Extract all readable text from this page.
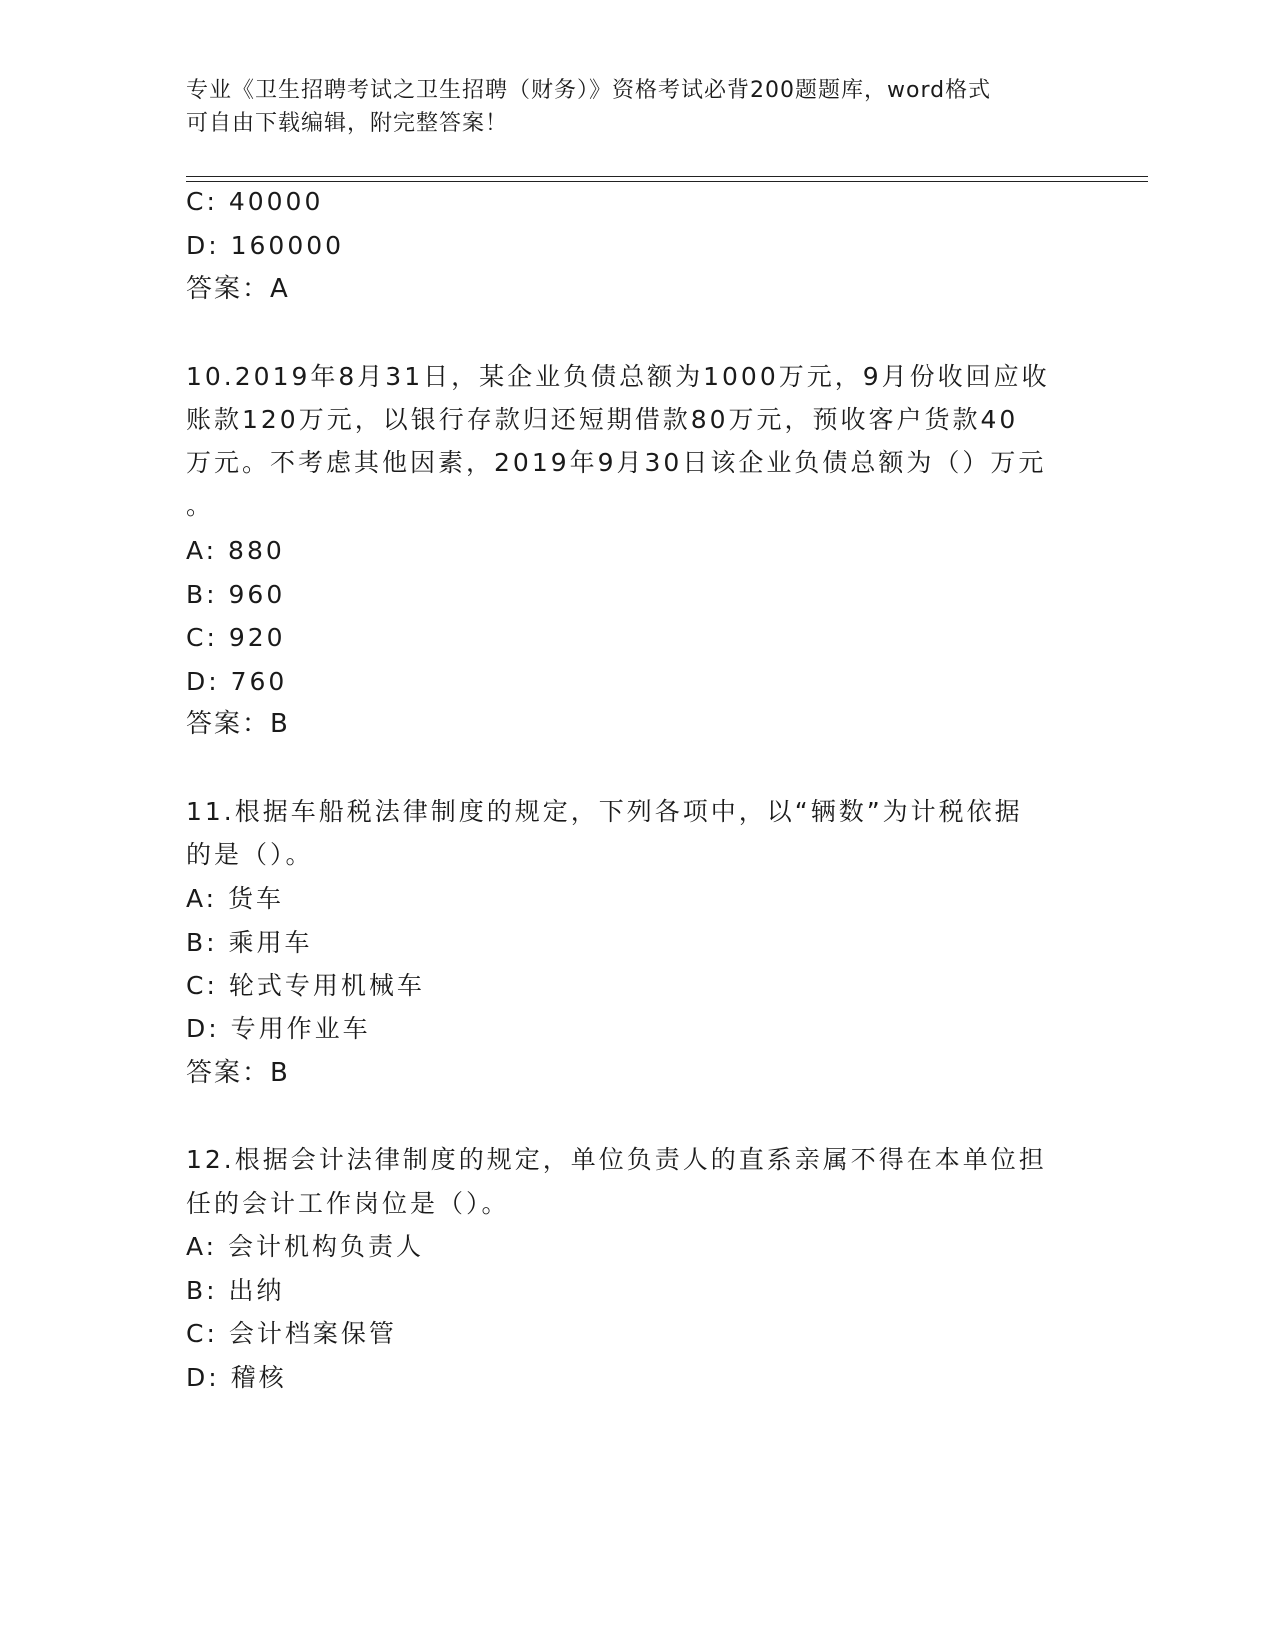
专业《卫生招聘考试之卫生招聘（财务）》资格考试必背200题题库，word格式
可自由下载编辑，附完整答案！
C: 40000
D: 160000
答案：A
10.2019年8月31日，某企业负债总额为1000万元，9月份收回应收
账款120万元，以银行存款归还短期借款80万元，预收客户货款40
万元。不考虑其他因素，2019年9月30日该企业负债总额为（）万元
。
A: 880
B: 960
C: 920
D: 760
答案：B
11.根据车船税法律制度的规定，下列各项中，以“辆数”为计税依据
的是（）。
A: 货车
B: 乘用车
C: 轮式专用机械车
D: 专用作业车
答案：B
12.根据会计法律制度的规定，单位负责人的直系亲属不得在本单位担
任的会计工作岗位是（）。
A: 会计机构负责人
B: 出纳
C: 会计档案保管
D: 稽核
